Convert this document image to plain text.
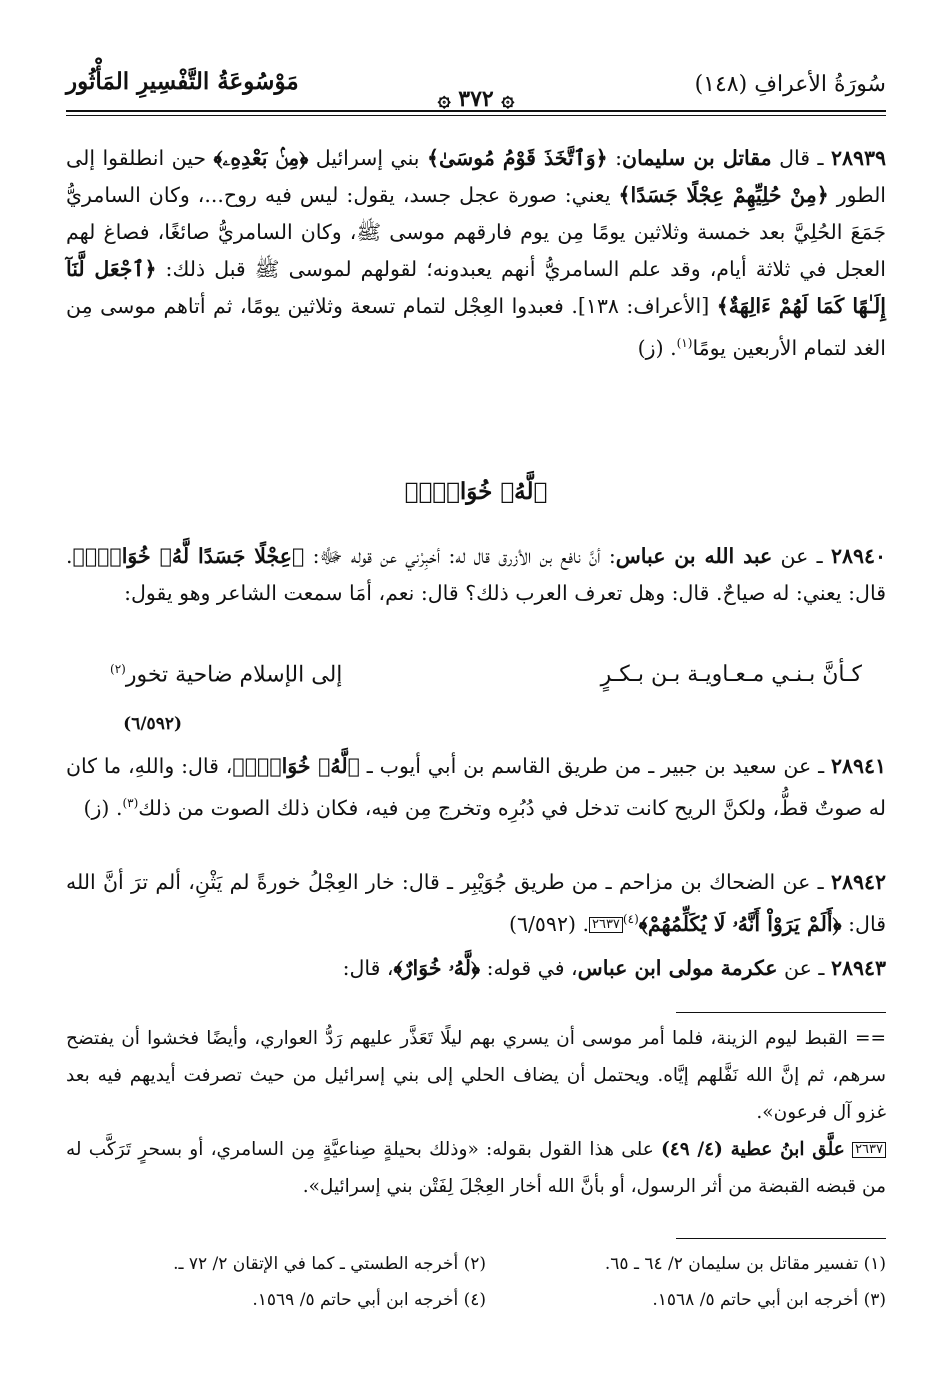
سُورَةُ الأعرافِ (١٤٨)
۞ ٣٧٢ ۞
مَوْسُوعَةُ التَّفْسِيرِ المَأْثُور
٢٨٩٣٩ ـ قال مقاتل بن سليمان: ﴿وَٱتَّخَذَ قَوْمُ مُوسَىٰ﴾ بني إسرائيل ﴿مِنۢ بَعْدِهِۦ﴾ حين انطلقوا إلى الطور ﴿مِنْ حُلِيِّهِمْ عِجْلًا جَسَدًا﴾ يعني: صورة عجل جسد، يقول: ليس فيه روح...، وكان السامريُّ جَمَعَ الحُلِيَّ بعد خمسة وثلاثين يومًا مِن يوم فارقهم موسى ﷺ، وكان السامريُّ صائغًا، فصاغ لهم العجل في ثلاثة أيام، وقد علم السامريُّ أنهم يعبدونه؛ لقولهم لموسى ﷺ قبل ذلك: ﴿ٱجْعَل لَّنَآ إِلَـٰهًا كَمَا لَهُمْ ءَالِهَةٌ﴾ [الأعراف: ١٣٨]. فعبدوا العِجْل لتمام تسعة وثلاثين يومًا، ثم أتاهم موسى مِن الغد لتمام الأربعين يومًا$^{(١)}$. (ز)
﴿لَّهُۥ خُوَارٌۚ﴾
٢٨٩٤٠ ـ عن عبد الله بن عباس: أنَّ نافع بن الأزرق قال له: أخبِرْني عن قوله ﷻ: ﴿عِجْلًا جَسَدًا لَّهُۥ خُوَارٌۚ﴾. قال: يعني: له صياحٌ. قال: وهل تعرف العرب ذلك؟ قال: نعم، أمَا سمعت الشاعر وهو يقول:
كـأنَّ بـنـي مـعـاويـة بـن بـكـرٍ
إلى الإسلام ضاحية تخور$^{(٢)}$
(٦/٥٩٢)
٢٨٩٤١ ـ عن سعيد بن جبير ـ من طريق القاسم بن أبي أيوب ـ ﴿لَّهُۥ خُوَارٌۚ﴾، قال: واللهِ، ما كان له صوتٌ قطُّ، ولكنَّ الريح كانت تدخل في دُبُرِه وتخرج مِن فيه، فكان ذلك الصوت من ذلك$^{(٣)}$. (ز)
٢٨٩٤٢ ـ عن الضحاك بن مزاحم ـ من طريق جُوَيْبِر ـ قال: خار العِجْلُ خورةً لم يَثْنِ، ألم ترَ أنَّ الله قال: ﴿أَلَمْ يَرَوْاْ أَنَّهُۥ لَا يُكَلِّمُهُمْ﴾$^{(٤)}$٢٦٣٧. (٦/٥٩٢)
٢٨٩٤٣ ـ عن عكرمة مولى ابن عباس، في قوله: ﴿لَّهُۥ خُوَارٌ﴾، قال:
== القبط ليوم الزينة، فلما أمر موسى أن يسري بهم ليلًا تَعَذَّر عليهم رَدُّ العواري، وأيضًا فخشوا أن يفتضح سرهم، ثم إنَّ الله نَفَّلهم إيَّاه. ويحتمل أن يضاف الحلي إلى بني إسرائيل من حيث تصرفت أيديهم فيه بعد غزو آل فرعون».
٢٦٣٧ علَّق ابنُ عطية (٤/ ٤٩) على هذا القول بقوله: «وذلك بحيلةٍ صِناعيَّةٍ مِن السامري، أو بسحرٍ تَرَكَّب له من قبضه القبضة من أثر الرسول، أو بأنَّ الله أخار العِجْلَ لِفَتْن بني إسرائيل».
(١) تفسير مقاتل بن سليمان ٢/ ٦٤ ـ ٦٥.
(٢) أخرجه الطستي ـ كما في الإتقان ٢/ ٧٢ ـ.
(٣) أخرجه ابن أبي حاتم ٥/ ١٥٦٨.
(٤) أخرجه ابن أبي حاتم ٥/ ١٥٦٩.
